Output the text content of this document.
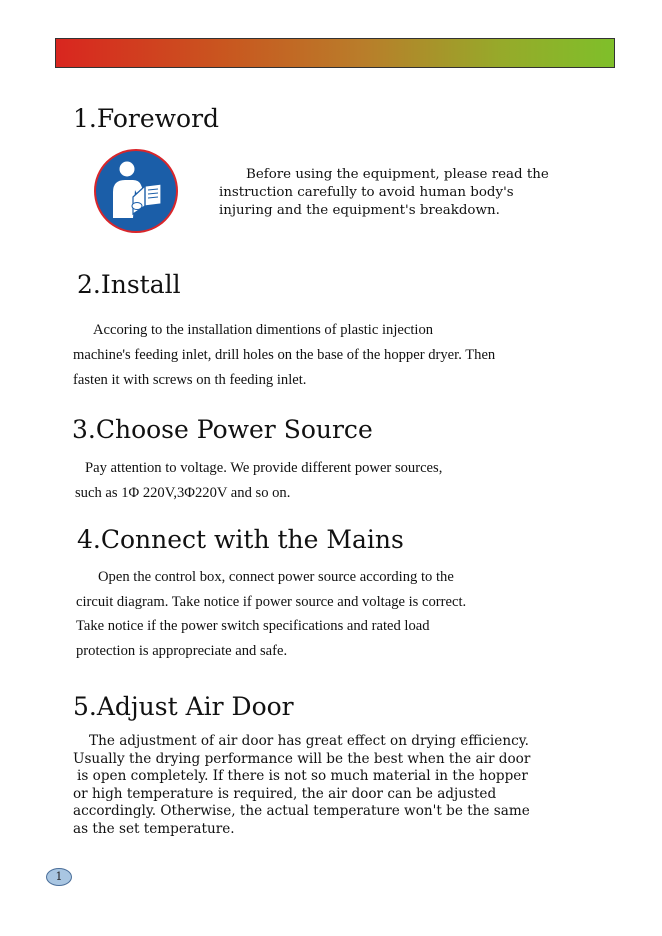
1.Foreword
Before using the equipment, please read the
instruction carefully to avoid human body's
injuring and the equipment's breakdown.
2.Install
Accoring to the installation dimentions of plastic injection
machine's feeding inlet, drill holes on the base of the hopper dryer. Then
fasten it with screws on th feeding inlet.
3.Choose Power Source
Pay attention to voltage. We provide different power sources,
such as 1Φ 220V,3Φ220V and so on.
4.Connect with the Mains
Open the control box, connect power source according to the
circuit diagram. Take notice if power source and voltage is correct.
Take notice if the power switch specifications and rated load
protection is appropreciate and safe.
5.Adjust Air Door
The adjustment of air door has great effect on drying efficiency.
Usually the drying performance will be the best when the air door
is open completely. If there is not so much material in the hopper
or high temperature is required, the air door can be adjusted
accordingly. Otherwise, the actual temperature won't be the same
as the set temperature.
1
